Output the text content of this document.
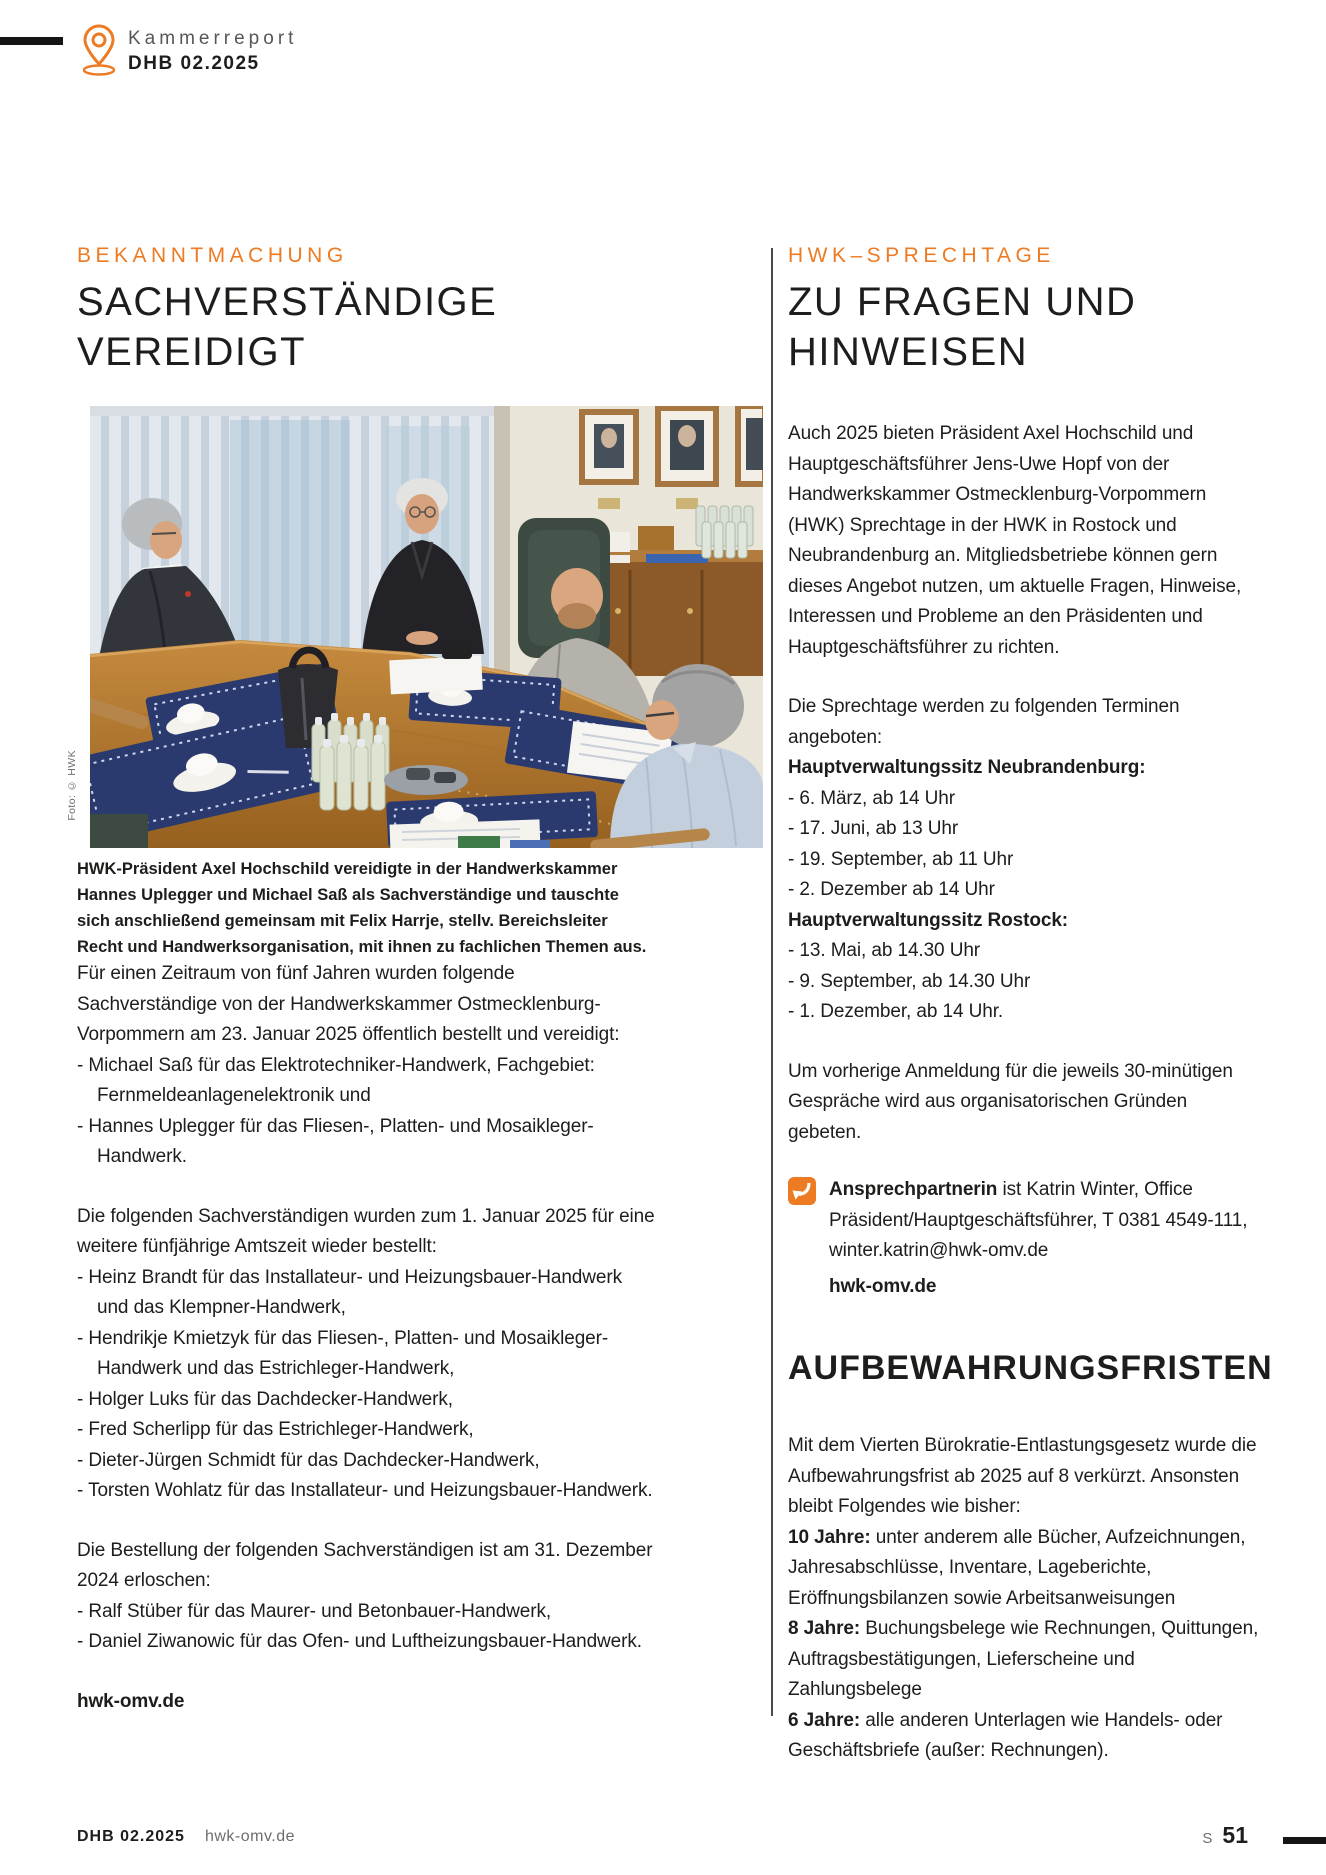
Kammerreport
DHB 02.2025
BEKANNTMACHUNG
SACHVERSTÄNDIGE
VEREIDIGT
Foto: © HWK
HWK-Präsident Axel Hochschild vereidigte in der Handwerkskammer Hannes Uplegger und Michael Saß als Sachverständige und tauschte sich anschließend gemeinsam mit Felix Harrje, stellv. Bereichsleiter Recht und Handwerksorganisation, mit ihnen zu fachlichen Themen aus.
Für einen Zeitraum von fünf Jahren wurden folgende Sachverständige von der Handwerkskammer Ostmecklenburg-Vorpommern am 23. Januar 2025 öffentlich bestellt und vereidigt:
- Michael Saß für das Elektrotechniker-Handwerk, Fachgebiet: Fernmeldeanlagenelektronik und
- Hannes Uplegger für das Fliesen-, Platten- und Mosaikleger-Handwerk.
Die folgenden Sachverständigen wurden zum 1. Januar 2025 für eine weitere fünfjährige Amtszeit wieder bestellt:
- Heinz Brandt für das Installateur- und Heizungsbauer-Handwerk und das Klempner-Handwerk,
- Hendrikje Kmietzyk für das Fliesen-, Platten- und Mosaikleger-Handwerk und das Estrichleger-Handwerk,
- Holger Luks für das Dachdecker-Handwerk,
- Fred Scherlipp für das Estrichleger-Handwerk,
- Dieter-Jürgen Schmidt für das Dachdecker-Handwerk,
- Torsten Wohlatz für das Installateur- und Heizungsbauer-Handwerk.
Die Bestellung der folgenden Sachverständigen ist am 31. Dezember 2024 erloschen:
- Ralf Stüber für das Maurer- und Betonbauer-Handwerk,
- Daniel Ziwanowic für das Ofen- und Luftheizungsbauer-Handwerk.
hwk-omv.de
HWK–SPRECHTAGE
ZU FRAGEN UND
HINWEISEN

Auch 2025 bieten Präsident Axel Hochschild und Hauptgeschäftsführer Jens-Uwe Hopf von der Handwerkskammer Ostmecklenburg-Vorpommern (HWK) Sprechtage in der HWK in Rostock und Neubrandenburg an. Mitgliedsbetriebe können gern dieses Angebot nutzen, um aktuelle Fragen, Hinweise, Interessen und Probleme an den Präsidenten und Hauptgeschäftsführer zu richten.

Die Sprechtage werden zu folgenden Terminen angeboten:

Hauptverwaltungssitz Neubrandenburg:
- 6. März, ab 14 Uhr
- 17. Juni, ab 13 Uhr
- 19. September, ab 11 Uhr
- 2. Dezember ab 14 Uhr
Hauptverwaltungssitz Rostock:
- 13. Mai, ab 14.30 Uhr
- 9. September, ab 14.30 Uhr
- 1. Dezember, ab 14 Uhr.

Um vorherige Anmeldung für die jeweils 30-minütigen Gespräche wird aus organisatorischen Gründen gebeten.

Ansprechpartnerin ist Katrin Winter, Office Präsident/Hauptgeschäftsführer, T 0381 4549-111,
winter.katrin@hwk-omv.de
hwk-omv.de
AUFBEWAHRUNGSFRISTEN
Mit dem Vierten Bürokratie-Entlastungsgesetz wurde die Aufbewahrungsfrist ab 2025 auf 8 verkürzt. Ansonsten bleibt Folgendes wie bisher:
10 Jahre: unter anderem alle Bücher, Aufzeichnungen, Jahresabschlüsse, Inventare, Lageberichte, Eröffnungsbilanzen sowie Arbeitsanweisungen
8 Jahre: Buchungsbelege wie Rechnungen, Quittungen, Auftragsbestätigungen, Lieferscheine und Zahlungsbelege
6 Jahre: alle anderen Unterlagen wie Handels- oder Geschäftsbriefe (außer: Rechnungen).
DHB 02.2025 hwk-omv.de	S 51
